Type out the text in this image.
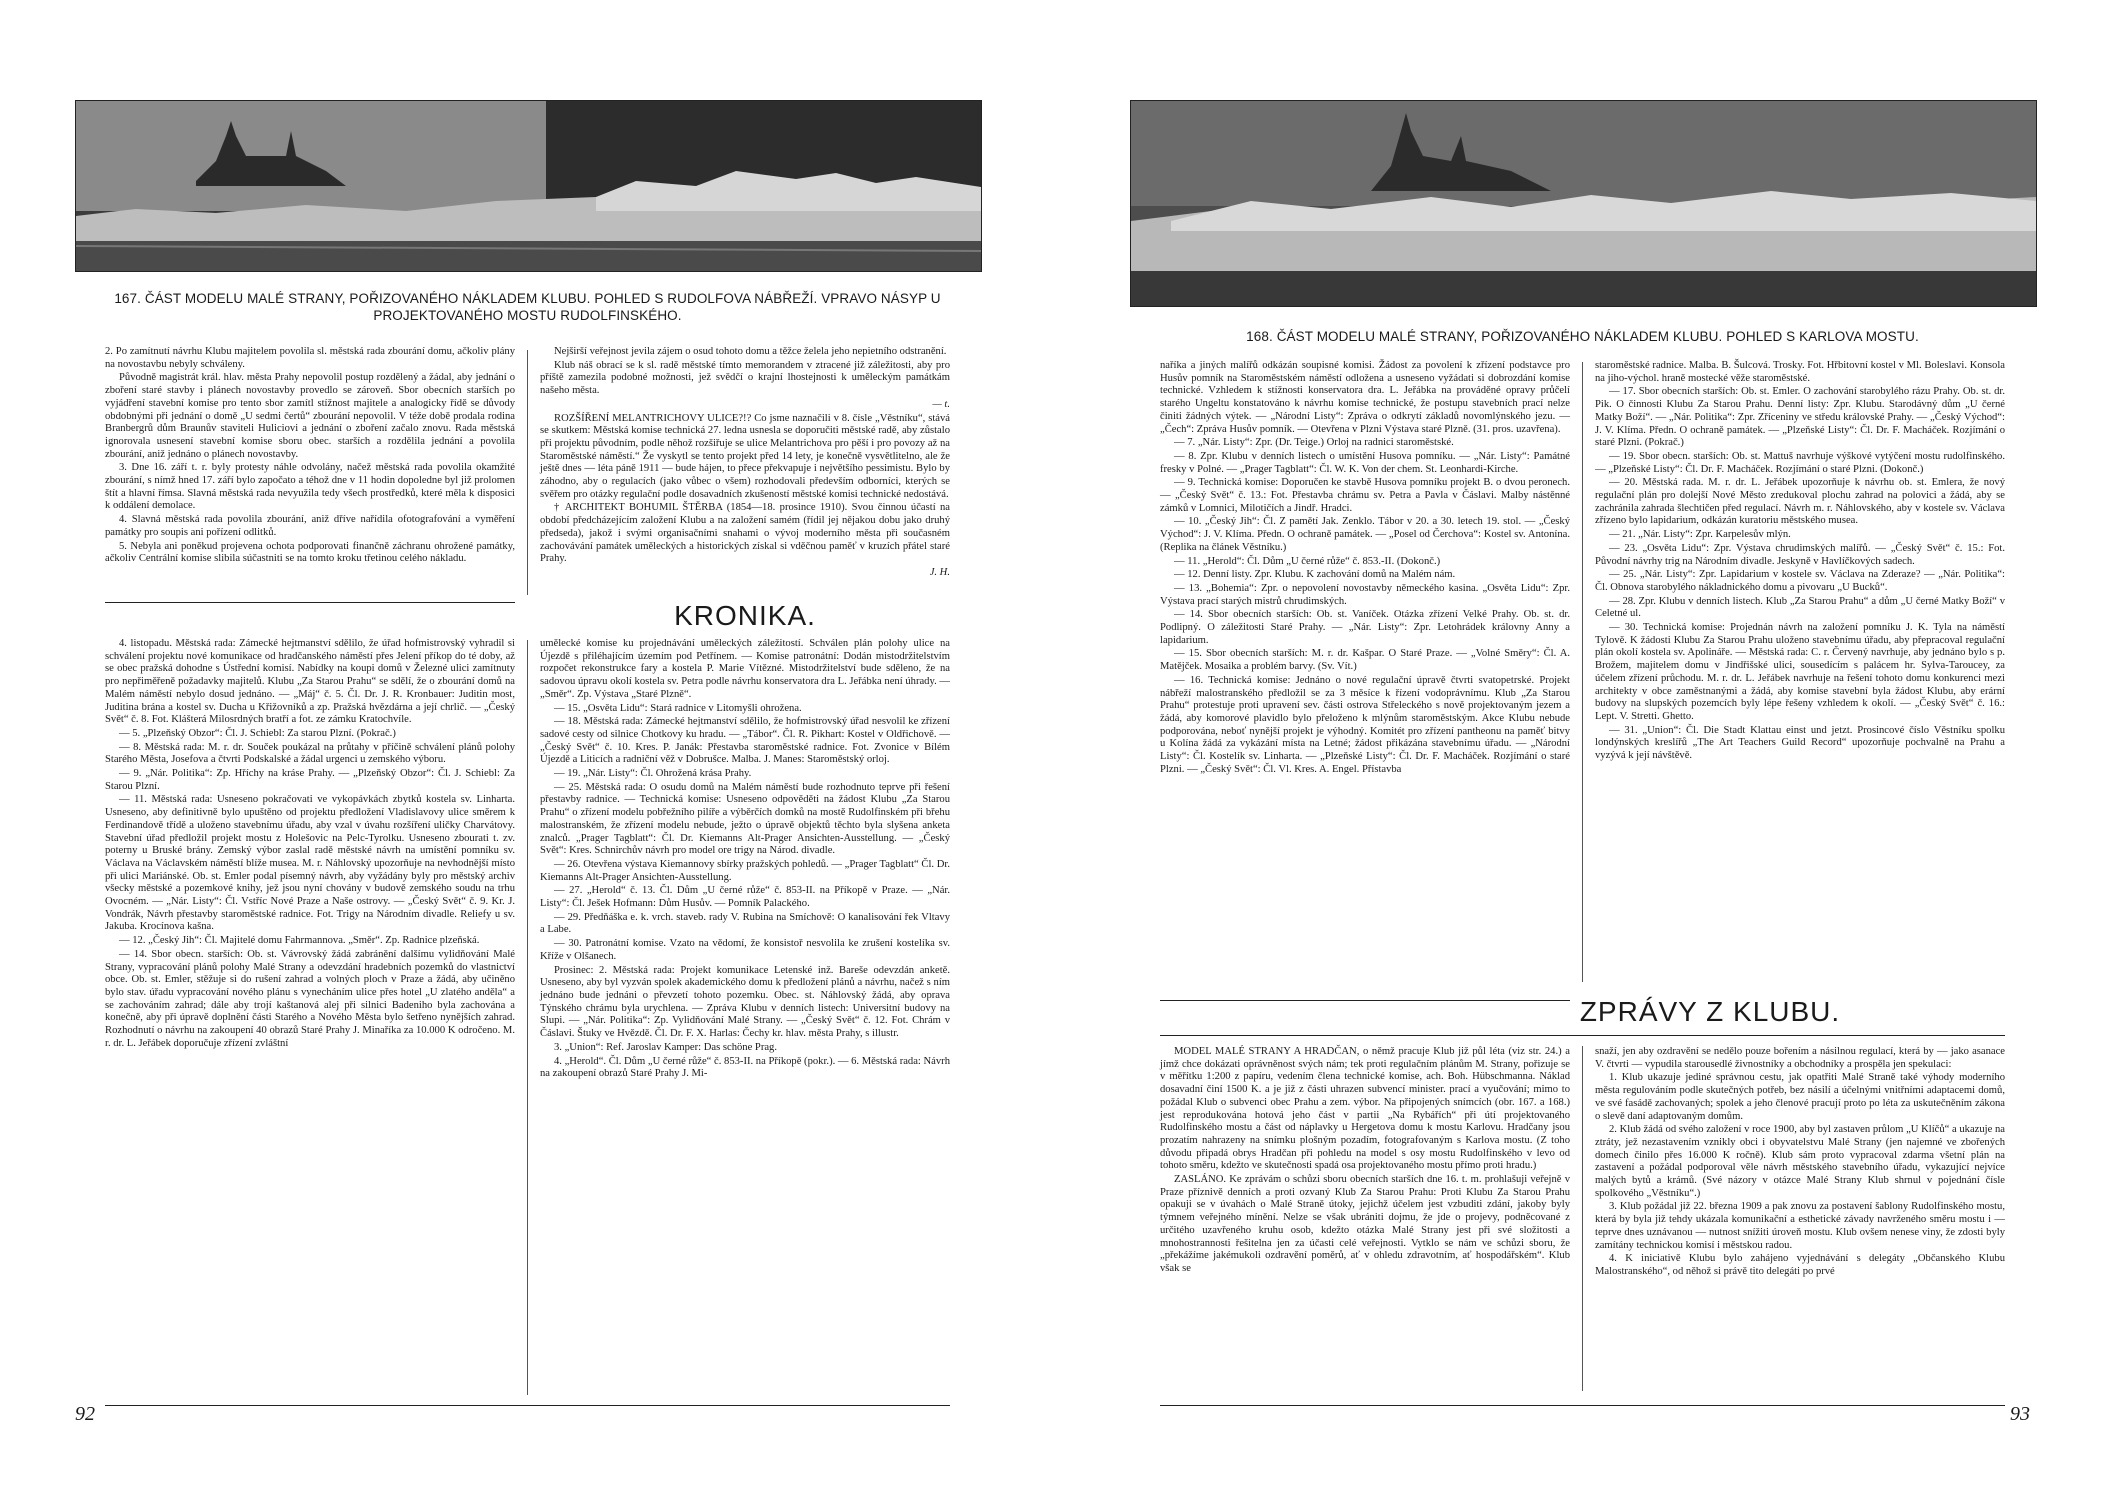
167. ČÁST MODELU MALÉ STRANY, POŘIZOVANÉHO NÁKLADEM KLUBU. POHLED S RUDOLFOVA NÁBŘEŽÍ. VPRAVO NÁSYP U PROJEKTOVANÉHO MOSTU RUDOLFINSKÉHO.

2. Po zamítnutí návrhu Klubu majitelem povolila sl. městská rada zbourání domu, ačkoliv plány na novostavbu nebyly schváleny.

Původně magistrát král. hlav. města Prahy nepovolil postup rozdělený a žádal, aby jednání o zboření staré stavby i plánech novostavby provedlo se zároveň. Sbor obecních starších po vyjádření stavební komise pro tento sbor zamítl stížnost majitele a analogicky řídě se důvody obdobnými při jednání o domě „U sedmi čertů“ zbourání nepovolil. V téže době prodala rodina Branbergrů dům Braunův staviteli Huliciovi a jednání o zboření začalo znovu. Rada městská ignorovala usnesení stavební komise sboru obec. starších a rozdělila jednání a povolila zbourání, aniž jednáno o plánech novostavby.

3. Dne 16. září t. r. byly protesty náhle odvolány, načež městská rada povolila okamžité zbourání, s nímž hned 17. září bylo započato a téhož dne v 11 hodin dopoledne byl již prolomen štít a hlavní římsa. Slavná městská rada nevyužila tedy všech prostředků, které měla k disposici k oddálení demolace.

4. Slavná městská rada povolila zbourání, aniž dříve nařídila ofotografování a vyměření památky pro soupis ani pořízení odlitků.

5. Nebyla ani poněkud projevena ochota podporovati finančně záchranu ohrožené památky, ačkoliv Centrální komise slibila súčastniti se na tomto kroku třetinou celého nákladu.

Nejširší veřejnost jevila zájem o osud tohoto domu a těžce želela jeho nepietního odstranění.

Klub náš obrací se k sl. radě městské tímto memorandem v ztracené již záležitosti, aby pro příště zamezila podobné možnosti, jež svědčí o krajní lhostejnosti k uměleckým památkám našeho města.

— t.

ROZŠÍŘENÍ MELANTRICHOVY ULICE?!? Co jsme naznačili v 8. čísle „Věstníku“, stává se skutkem: Městská komise technická 27. ledna usnesla se doporučiti městské radě, aby zůstalo při projektu původním, podle něhož rozšiřuje se ulice Melantrichova pro pěší i pro povozy až na Staroměstské náměstí.“ Že vyskytl se tento projekt před 14 lety, je konečně vysvětlitelno, ale že ještě dnes — léta páně 1911 — bude hájen, to přece překvapuje i největšího pessimistu. Bylo by záhodno, aby o regulacích (jako vůbec o všem) rozhodovali především odborníci, kterých se svěřem pro otázky regulační podle dosavadních zkušeností městské komisi technické nedostává.

† ARCHITEKT BOHUMIL ŠTĚRBA (1854—18. prosince 1910). Svou činnou účastí na období předcházejícím založení Klubu a na založení samém (řídil jej nějakou dobu jako druhý předseda), jakož i svými organisačními snahami o vývoj moderního města při současném zachovávání památek uměleckých a historických získal si vděčnou paměť v kruzích přátel staré Prahy.

J. H.

KRONIKA.

4. listopadu. Městská rada: Zámecké hejtmanství sdělilo, že úřad hofmistrovský vyhradil si schválení projektu nové komunikace od hradčanského náměstí přes Jelení příkop do té doby, až se obec pražská dohodne s Ústřední komisí. Nabídky na koupi domů v Železné ulici zamítnuty pro nepřiměřeně požadavky majitelů. Klubu „Za Starou Prahu“ se sdělí, že o zbourání domů na Malém náměstí nebylo dosud jednáno. — „Máj“ č. 5. Čl. Dr. J. R. Kronbauer: Juditin most, Juditina brána a kostel sv. Ducha u Křižovníků a zp. Pražská hvězdárna a její chrlič. — „Český Svět“ č. 8. Fot. Klášterá Milosrdných bratří a fot. ze zámku Kratochvíle.

— 5. „Plzeňský Obzor“: Čl. J. Schiebl: Za starou Plzní. (Pokrač.)

— 8. Městská rada: M. r. dr. Souček poukázal na průtahy v příčině schválení plánů polohy Starého Města, Josefova a čtvrti Podskalské a žádal urgenci u zemského výboru.

— 9. „Nár. Politika“: Zp. Hříchy na kráse Prahy. — „Plzeňský Obzor“: Čl. J. Schiebl: Za Starou Plzní.

— 11. Městská rada: Usneseno pokračovati ve vykopávkách zbytků kostela sv. Linharta. Usneseno, aby definitivně bylo upuštěno od projektu předložení Vladislavovy ulice směrem k Ferdinandově třídě a uloženo stavebnímu úřadu, aby vzal v úvahu rozšíření uličky Charvátovy. Stavební úřad předložil projekt mostu z Holešovic na Pelc-Tyrolku. Usneseno zbourati t. zv. poterny u Bruské brány. Zemský výbor zaslal radě městské návrh na umístění pomníku sv. Václava na Václavském náměstí blíže musea. M. r. Náhlovský upozorňuje na nevhodnější místo při ulici Mariánské. Ob. st. Emler podal písemný návrh, aby vyžádány byly pro městský archiv všecky městské a pozemkové knihy, jež jsou nyní chovány v budově zemského soudu na trhu Ovocném. — „Nár. Listy“: Čl. Vstříc Nové Praze a Naše ostrovy. — „Český Svět“ č. 9. Kr. J. Vondrák, Návrh přestavby staroměstské radnice. Fot. Trigy na Národním divadle. Reliefy u sv. Jakuba. Krocínova kašna.

— 12. „Český Jih“: Čl. Majitelé domu Fahrmannova. „Směr“. Zp. Radnice plzeňská.

— 14. Sbor obecn. starších: Ob. st. Vávrovský žádá zabránění dalšímu vylidňování Malé Strany, vypracování plánů polohy Malé Strany a odevzdání hradebních pozemků do vlastnictví obce. Ob. st. Emler, stěžuje si do rušení zahrad a volných ploch v Praze a žádá, aby učiněno bylo stav. úřadu vypracování nového plánu s vynecháním ulice přes hotel „U zlatého anděla“ a se zachováním zahrad; dále aby trojí kaštanová alej při silnici Badeniho byla zachována a konečně, aby při úpravě doplnění části Starého a Nového Města bylo šetřeno nynějších zahrad. Rozhodnutí o návrhu na zakoupení 40 obrazů Staré Prahy J. Minaříka za 10.000 K odročeno. M. r. dr. L. Jeřábek doporučuje zřízení zvláštní

umělecké komise ku projednávání uměleckých záležitostí. Schválen plán polohy ulice na Újezdě s přiléhajícím územím pod Petřínem. — Komise patronátní: Dodán mistodržitelstvím rozpočet rekonstrukce fary a kostela P. Marie Vítězné. Mistodržitelství bude sděleno, že na sadovou úpravu okolí kostela sv. Petra podle návrhu konservatora dra L. Jeřábka není úhrady. — „Směr“. Zp. Výstava „Staré Plzně“.

— 15. „Osvěta Lidu“: Stará radnice v Litomyšli ohrožena.

— 18. Městská rada: Zámecké hejtmanství sdělilo, že hofmistrovský úřad nesvolil ke zřízení sadové cesty od silnice Chotkovy ku hradu. — „Tábor“. Čl. R. Pikhart: Kostel v Oldřichově. — „Český Svět“ č. 10. Kres. P. Janák: Přestavba staroměstské radnice. Fot. Zvonice v Bílém Újezdě a Liticích a radniční věž v Dobrušce. Malba. J. Manes: Staroměstský orloj.

— 19. „Nár. Listy“: Čl. Ohrožená krása Prahy.

— 25. Městská rada: O osudu domů na Malém náměstí bude rozhodnuto teprve při řešení přestavby radnice. — Technická komise: Usneseno odpověděti na žádost Klubu „Za Starou Prahu“ o zřízení modelu pobřežního pilíře a výběrčích domků na mostě Rudolfinském při břehu malostranském, že zřízení modelu nebude, ježto o úpravě objektů těchto byla slyšena anketa znalců. „Prager Tagblatt“: Čl. Dr. Kiemanns Alt-Prager Ansichten-Ausstellung. — „Český Svět“: Kres. Schnirchův návrh pro model ore trigy na Národ. divadle.

— 26. Otevřena výstava Kiemannovy sbírky pražských pohledů. — „Prager Tagblatt“ Čl. Dr. Kiemanns Alt-Prager Ansichten-Ausstellung.

— 27. „Herold“ č. 13. Čl. Dům „U černé růže“ č. 853-II. na Příkopě v Praze. — „Nár. Listy“: Čl. Ješek Hofmann: Dům Husův. — Pomník Palackého.

— 29. Předňáška e. k. vrch. staveb. rady V. Rubina na Smíchově: O kanalisování řek Vltavy a Labe.

— 30. Patronátní komise. Vzato na vědomí, že konsistoř nesvolila ke zrušení kostelíka sv. Kříže v Olšanech.

Prosinec: 2. Městská rada: Projekt komunikace Letenské inž. Bareše odevzdán anketě. Usneseno, aby byl vyzván spolek akademického domu k předložení plánů a návrhu, načež s ním jednáno bude jednáni o převzetí tohoto pozemku. Obec. st. Náhlovský žádá, aby oprava Týnského chrámu byla urychlena. — Zpráva Klubu v denních listech: Universitní budovy na Slupi. — „Nár. Politika“: Zp. Vylidňování Malé Strany. — „Český Svět“ č. 12. Fot. Chrám v Čáslavi. Štuky ve Hvězdě. Čl. Dr. F. X. Harlas: Čechy kr. hlav. města Prahy, s illustr.

3. „Union“: Ref. Jaroslav Kamper: Das schöne Prag.

4. „Herold“. Čl. Dům „U černé růže“ č. 853-II. na Příkopě (pokr.). — 6. Městská rada: Návrh na zakoupení obrazů Staré Prahy J. Mi-

92
168. ČÁST MODELU MALÉ STRANY, POŘIZOVANÉHO NÁKLADEM KLUBU. POHLED S KARLOVA MOSTU.

naříka a jiných malířů odkázán soupisné komisi. Žádost za povolení k zřízení podstavce pro Husův pomník na Staroměstském náměstí odložena a usneseno vyžádati si dobrozdání komise technické. Vzhledem k stížnosti konservatora dra. L. Jeřábka na prováděné opravy průčelí starého Ungeltu konstatováno k návrhu komise technické, že postupu stavebních prací nelze činiti žádných výtek. — „Národní Listy“: Zpráva o odkrytí základů novomlýnského jezu. — „Čech“: Zpráva Husův pomník. — Otevřena v Plzni Výstava staré Plzně. (31. pros. uzavřena).

— 7. „Nár. Listy“: Zpr. (Dr. Teige.) Orloj na radnici staroměstské.

— 8. Zpr. Klubu v denních listech o umístění Husova pomníku. — „Nár. Listy“: Památné fresky v Polné. — „Prager Tagblatt“: Čl. W. K. Von der chem. St. Leonhardi-Kirche.

— 9. Technická komise: Doporučen ke stavbě Husova pomníku projekt B. o dvou peronech. — „Český Svět“ č. 13.: Fot. Přestavba chrámu sv. Petra a Pavla v Čáslavi. Malby nástěnné zámků v Lomnici, Milotičích a Jindř. Hradci.

— 10. „Český Jih“: Čl. Z pamětí Jak. Zenklo. Tábor v 20. a 30. letech 19. stol. — „Český Východ“: J. V. Klíma. Předn. O ochraně památek. — „Posel od Čerchova“: Kostel sv. Antonína. (Replika na článek Věstníku.)

— 11. „Herold“: Čl. Dům „U černé růže“ č. 853.-II. (Dokonč.)

— 12. Denní listy. Zpr. Klubu. K zachování domů na Malém nám.

— 13. „Bohemia“: Zpr. o nepovolení novostavby německého kasina. „Osvěta Lidu“: Zpr. Výstava prací starých mistrů chrudimských.

— 14. Sbor obecních starších: Ob. st. Vaníček. Otázka zřízení Velké Prahy. Ob. st. dr. Podlipný. O záležitosti Staré Prahy. — „Nár. Listy“: Zpr. Letohrádek královny Anny a lapidarium.

— 15. Sbor obecních starších: M. r. dr. Kašpar. O Staré Praze. — „Volné Směry“: Čl. A. Matějček. Mosaika a problém barvy. (Sv. Vít.)

— 16. Technická komise: Jednáno o nové regulační úpravě čtvrti svatopetrské. Projekt nábřeží malostranského předložil se za 3 měsíce k řízení vodoprávnímu. Klub „Za Starou Prahu“ protestuje proti upravení sev. části ostrova Střeleckého s nově projektovaným jezem a žádá, aby komorové plavidlo bylo přeloženo k mlýnům staroměstským. Akce Klubu nebude podporována, neboť nynější projekt je výhodný. Komitét pro zřízení pantheonu na paměť bitvy u Kolína žádá za vykázání místa na Letné; žádost přikázána stavebnímu úřadu. — „Národní Listy“: Čl. Kostelík sv. Linharta. — „Plzeňské Listy“: Čl. Dr. F. Macháček. Rozjímání o staré Plzni. — „Český Svět“: Čl. Vl. Kres. A. Engel. Přístavba

staroměstské radnice. Malba. B. Šulcová. Trosky. Fot. Hřbitovní kostel v Ml. Boleslavi. Konsola na jiho-výchol. hraně mostecké věže staroměstské.

— 17. Sbor obecních starších: Ob. st. Emler. O zachování starobylého rázu Prahy. Ob. st. dr. Pik. O činnosti Klubu Za Starou Prahu. Denní listy: Zpr. Klubu. Starodávný dům „U černé Matky Boží“. — „Nár. Politika“: Zpr. Zříceniny ve středu královské Prahy. — „Český Východ“: J. V. Klíma. Předn. O ochraně památek. — „Plzeňské Listy“: Čl. Dr. F. Macháček. Rozjímání o staré Plzni. (Pokrač.)

— 19. Sbor obecn. starších: Ob. st. Mattuš navrhuje výškové vytýčení mostu rudolfinského. — „Plzeňské Listy“: Čl. Dr. F. Macháček. Rozjímání o staré Plzni. (Dokonč.)

— 20. Městská rada. M. r. dr. L. Jeřábek upozorňuje k návrhu ob. st. Emlera, že nový regulační plán pro dolejší Nové Město zredukoval plochu zahrad na polovici a žádá, aby se zachránila zahrada šlechtičen před regulací. Návrh m. r. Náhlovského, aby v kostele sv. Václava zřízeno bylo lapidarium, odkázán kuratoriu městského musea.

— 21. „Nár. Listy“: Zpr. Karpelesův mlýn.

— 23. „Osvěta Lidu“: Zpr. Výstava chrudimských malířů. — „Český Svět“ č. 15.: Fot. Původní návrhy trig na Národním divadle. Jeskyně v Havlíčkových sadech.

— 25. „Nár. Listy“: Zpr. Lapidarium v kostele sv. Václava na Zderaze? — „Nár. Politika“: Čl. Obnova starobylého nákladnického domu a pivovaru „U Bucků“.

— 28. Zpr. Klubu v denních listech. Klub „Za Starou Prahu“ a dům „U černé Matky Boží“ v Celetné ul.

— 30. Technická komise: Projednán návrh na založení pomníku J. K. Tyla na náměstí Tylově. K žádosti Klubu Za Starou Prahu uloženo stavebnímu úřadu, aby přepracoval regulační plán okolí kostela sv. Apolináře. — Městská rada: C. r. Červený navrhuje, aby jednáno bylo s p. Brožem, majitelem domu v Jindřišské ulici, sousedícím s palácem hr. Sylva-Taroucey, za účelem zřízení průchodu. M. r. dr. L. Jeřábek navrhuje na řešení tohoto domu konkurenci mezi architekty v obce zaměstnanými a žádá, aby komise stavební byla žádost Klubu, aby erární budovy na slupských pozemcích byly lépe řešeny vzhledem k okolí. — „Český Svět“ č. 16.: Lept. V. Stretti. Ghetto.

— 31. „Union“: Čl. Die Stadt Klattau einst und jetzt. Prosincové číslo Věstníku spolku londýnských kreslířů „The Art Teachers Guild Record“ upozorňuje pochvalně na Prahu a vyzývá k její návštěvě.

ZPRÁVY Z KLUBU.

MODEL MALÉ STRANY A HRADČAN, o němž pracuje Klub již půl léta (viz str. 24.) a jímž chce dokázati oprávněnost svých nám; tek proti regulačním plánům M. Strany, pořizuje se v měřítku 1:200 z papíru, vedením člena technické komise, ach. Boh. Hübschmanna. Náklad dosavadní činí 1500 K. a je již z části uhrazen subvencí minister. prací a vyučování; mimo to požádal Klub o subvenci obec Prahu a zem. výbor. Na připojených snímcích (obr. 167. a 168.) jest reprodukována hotová jeho část v partii „Na Rybářích“ při útí projektovaného Rudolfinského mostu a část od náplavky u Hergetova domu k mostu Karlovu. Hradčany jsou prozatím nahrazeny na snímku plošným pozadím, fotografovaným s Karlova mostu. (Z toho důvodu připadá obrys Hradčan při pohledu na model s osy mostu Rudolfinského v levo od tohoto směru, kdežto ve skutečnosti spadá osa projektovaného mostu přímo proti hradu.)

ZASLÁNO. Ke zprávám o schůzi sboru obecních starších dne 16. t. m. prohlašuji veřejně v Praze příznivě denních a proti ozvaný Klub Za Starou Prahu: Proti Klubu Za Starou Prahu opakuji se v úvahách o Malé Straně útoky, jejichž účelem jest vzbuditi zdání, jakoby byly týmnem veřejného mínění. Nelze se však ubrániti dojmu, že jde o projevy, podněcované z určitého uzavřeného kruhu osob, kdežto otázka Malé Strany jest při své složitosti a mnohostrannosti řešitelna jen za účasti celé veřejnosti. Vytklo se nám ve schůzi sboru, že „překážíme jakémukoli ozdravění poměrů, ať v ohledu zdravotním, ať hospodářském“. Klub však se

snaží, jen aby ozdravění se nedělo pouze bořením a násilnou regulací, která by — jako asanace V. čtvrti — vypudila starousedlé živnostníky a obchodníky a prospěla jen spekulaci:

1. Klub ukazuje jediné správnou cestu, jak opatřiti Malé Straně také výhody moderního města regulováním podle skutečných potřeb, bez násilí a účelnými vnitřními adaptacemi domů, ve své fasádě zachovaných; spolek a jeho členové pracují proto po léta za uskutečněním zákona o slevě daní adaptovaným domům.

2. Klub žádá od svého založení v roce 1900, aby byl zastaven průlom „U Klíčů“ a ukazuje na ztráty, jež nezastavením vznikly obci i obyvatelstvu Malé Strany (jen najemné ve zbořených domech činilo přes 16.000 K ročně). Klub sám proto vypracoval zdarma všetní plán na zastavení a požádal podporoval věle návrh městského stavebního úřadu, vykazující nejvíce malých bytů a krámů. (Své názory v otázce Malé Strany Klub shrnul v pojednání čísle spolkového „Věstníku“.)

3. Klub požádal již 22. března 1909 a pak znovu za postavení šablony Rudolfinského mostu, která by byla již tehdy ukázala komunikační a esthetické závady navrženého směru mostu i — teprve dnes uznávanou — nutnost snížiti úroveň mostu. Klub ovšem nenese viny, že zdosti byly zamítány technickou komisí i městskou radou.

4. K iniciativě Klubu bylo zahájeno vyjednávání s delegáty „Občanského Klubu Malostranského“, od něhož si právě tito delegáti po prvé

93
